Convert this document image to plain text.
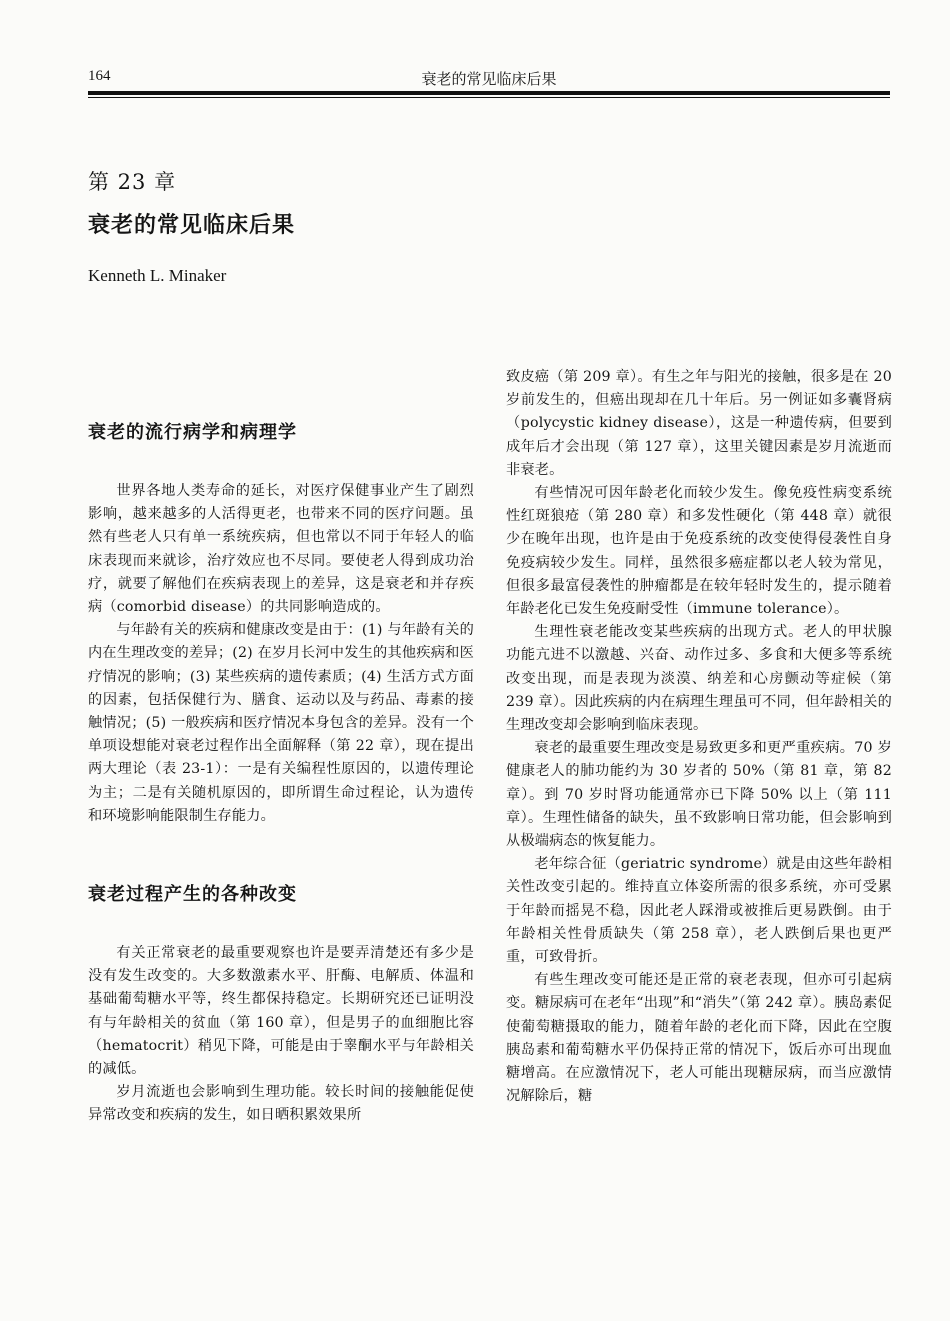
164	衰老的常见临床后果
第 23 章
衰老的常见临床后果
Kenneth L. Minaker
衰老的流行病学和病理学

世界各地人类寿命的延长，对医疗保健事业产生了剧烈影响，越来越多的人活得更老，也带来不同的医疗问题。虽然有些老人只有单一系统疾病，但也常以不同于年轻人的临床表现而来就诊，治疗效应也不尽同。要使老人得到成功治疗，就要了解他们在疾病表现上的差异，这是衰老和并存疾病（comorbid disease）的共同影响造成的。

与年龄有关的疾病和健康改变是由于：(1) 与年龄有关的内在生理改变的差异；(2) 在岁月长河中发生的其他疾病和医疗情况的影响；(3) 某些疾病的遗传素质；(4) 生活方式方面的因素，包括保健行为、膳食、运动以及与药品、毒素的接触情况；(5) 一般疾病和医疗情况本身包含的差异。没有一个单项设想能对衰老过程作出全面解释（第 22 章），现在提出两大理论（表 23-1）：一是有关编程性原因的，以遗传理论为主；二是有关随机原因的，即所谓生命过程论，认为遗传和环境影响能限制生存能力。

衰老过程产生的各种改变

有关正常衰老的最重要观察也许是要弄清楚还有多少是没有发生改变的。大多数激素水平、肝酶、电解质、体温和基础葡萄糖水平等，终生都保持稳定。长期研究还已证明没有与年龄相关的贫血（第 160 章），但是男子的血细胞比容（hematocrit）稍见下降，可能是由于睾酮水平与年龄相关的减低。

岁月流逝也会影响到生理功能。较长时间的接触能促使异常改变和疾病的发生，如日晒积累效果所

致皮癌（第 209 章）。有生之年与阳光的接触，很多是在 20 岁前发生的，但癌出现却在几十年后。另一例证如多囊肾病（polycystic kidney disease），这是一种遗传病，但要到成年后才会出现（第 127 章），这里关键因素是岁月流逝而非衰老。

有些情况可因年龄老化而较少发生。像免疫性病变系统性红斑狼疮（第 280 章）和多发性硬化（第 448 章）就很少在晚年出现，也许是由于免疫系统的改变使得侵袭性自身免疫病较少发生。同样，虽然很多癌症都以老人较为常见，但很多最富侵袭性的肿瘤都是在较年轻时发生的，提示随着年龄老化已发生免疫耐受性（immune tolerance）。

生理性衰老能改变某些疾病的出现方式。老人的甲状腺功能亢进不以激越、兴奋、动作过多、多食和大便多等系统改变出现，而是表现为淡漠、纳差和心房颤动等症候（第 239 章）。因此疾病的内在病理生理虽可不同，但年龄相关的生理改变却会影响到临床表现。

衰老的最重要生理改变是易致更多和更严重疾病。70 岁健康老人的肺功能约为 30 岁者的 50%（第 81 章，第 82 章）。到 70 岁时肾功能通常亦已下降 50% 以上（第 111 章）。生理性储备的缺失，虽不致影响日常功能，但会影响到从极端病态的恢复能力。

老年综合征（geriatric syndrome）就是由这些年龄相关性改变引起的。维持直立体姿所需的很多系统，亦可受累于年龄而摇晃不稳，因此老人踩滑或被推后更易跌倒。由于年龄相关性骨质缺失（第 258 章），老人跌倒后果也更严重，可致骨折。

有些生理改变可能还是正常的衰老表现，但亦可引起病变。糖尿病可在老年“出现”和“消失”（第 242 章）。胰岛素促使葡萄糖摄取的能力，随着年龄的老化而下降，因此在空腹胰岛素和葡萄糖水平仍保持正常的情况下，饭后亦可出现血糖增高。在应激情况下，老人可能出现糖尿病，而当应激情况解除后，糖
